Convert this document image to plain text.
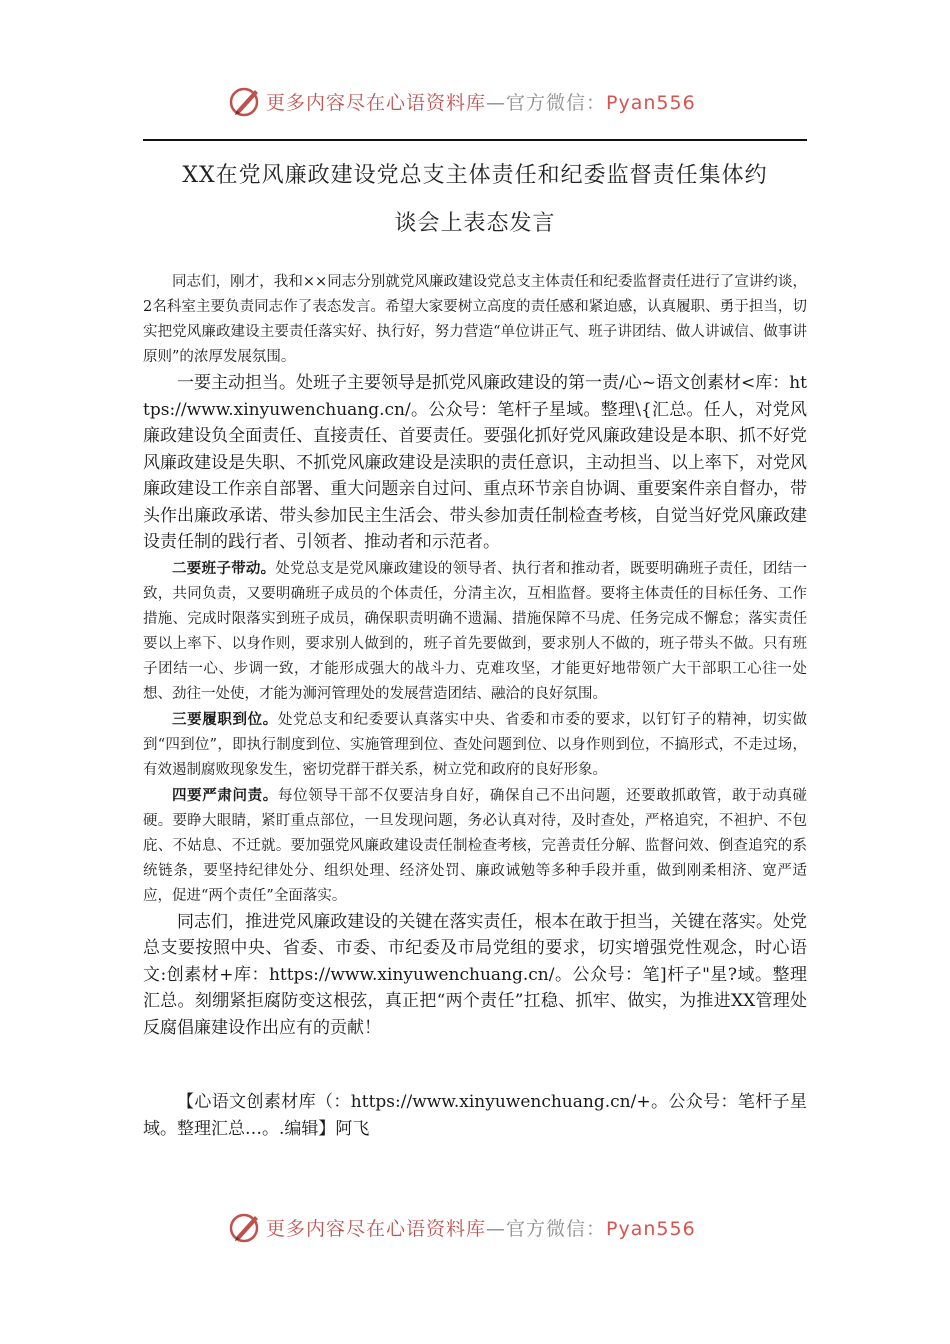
更多内容尽在心语资料库—官方微信：Pyan556
XX在党风廉政建设党总支主体责任和纪委监督责任集体约
谈会上表态发言

同志们，刚才，我和××同志分别就党风廉政建设党总支主体责任和纪委监督责任进行了宣讲约谈，2名科室主要负责同志作了表态发言。希望大家要树立高度的责任感和紧迫感，认真履职、勇于担当，切实把党风廉政建设主要责任落实好、执行好，努力营造“单位讲正气、班子讲团结、做人讲诚信、做事讲原则”的浓厚发展氛围。

一要主动担当。处班子主要领导是抓党风廉政建设的第一责/心~语文创素材<库：https://www.xinyuwenchuang.cn/。公众号：笔杆子星域。整理\{汇总。任人，对党风廉政建设负全面责任、直接责任、首要责任。要强化抓好党风廉政建设是本职、抓不好党风廉政建设是失职、不抓党风廉政建设是渎职的责任意识，主动担当、以上率下，对党风廉政建设工作亲自部署、重大问题亲自过问、重点环节亲自协调、重要案件亲自督办，带头作出廉政承诺、带头参加民主生活会、带头参加责任制检查考核，自觉当好党风廉政建设责任制的践行者、引领者、推动者和示范者。

二要班子带动。处党总支是党风廉政建设的领导者、执行者和推动者，既要明确班子责任，团结一致，共同负责，又要明确班子成员的个体责任，分清主次，互相监督。要将主体责任的目标任务、工作措施、完成时限落实到班子成员，确保职责明确不遗漏、措施保障不马虎、任务完成不懈怠；落实责任要以上率下、以身作则，要求别人做到的，班子首先要做到，要求别人不做的，班子带头不做。只有班子团结一心、步调一致，才能形成强大的战斗力、克难攻坚，才能更好地带领广大干部职工心往一处想、劲往一处使，才能为浉河管理处的发展营造团结、融洽的良好氛围。

三要履职到位。处党总支和纪委要认真落实中央、省委和市委的要求，以钉钉子的精神，切实做到“四到位”，即执行制度到位、实施管理到位、查处问题到位、以身作则到位，不搞形式，不走过场，有效遏制腐败现象发生，密切党群干群关系，树立党和政府的良好形象。

四要严肃问责。每位领导干部不仅要洁身自好，确保自己不出问题，还要敢抓敢管，敢于动真碰硬。要睁大眼睛，紧盯重点部位，一旦发现问题，务必认真对待，及时查处，严格追究，不袒护、不包庇、不姑息、不迁就。要加强党风廉政建设责任制检查考核，完善责任分解、监督问效、倒查追究的系统链条，要坚持纪律处分、组织处理、经济处罚、廉政诫勉等多种手段并重，做到刚柔相济、宽严适应，促进“两个责任”全面落实。

同志们，推进党风廉政建设的关键在落实责任，根本在敢于担当，关键在落实。处党总支要按照中央、省委、市委、市纪委及市局党组的要求，切实增强党性观念，时心语文:创素材+库：https://www.xinyuwenchuang.cn/。公众号：笔]杆子"星?域。整理汇总。刻绷紧拒腐防变这根弦，真正把“两个责任”扛稳、抓牢、做实，为推进XX管理处反腐倡廉建设作出应有的贡献！

【心语文创素材库（：https://www.xinyuwenchuang.cn/+。公众号：笔杆子星域。整理汇总…。.编辑】阿飞

更多内容尽在心语资料库—官方微信：Pyan556
